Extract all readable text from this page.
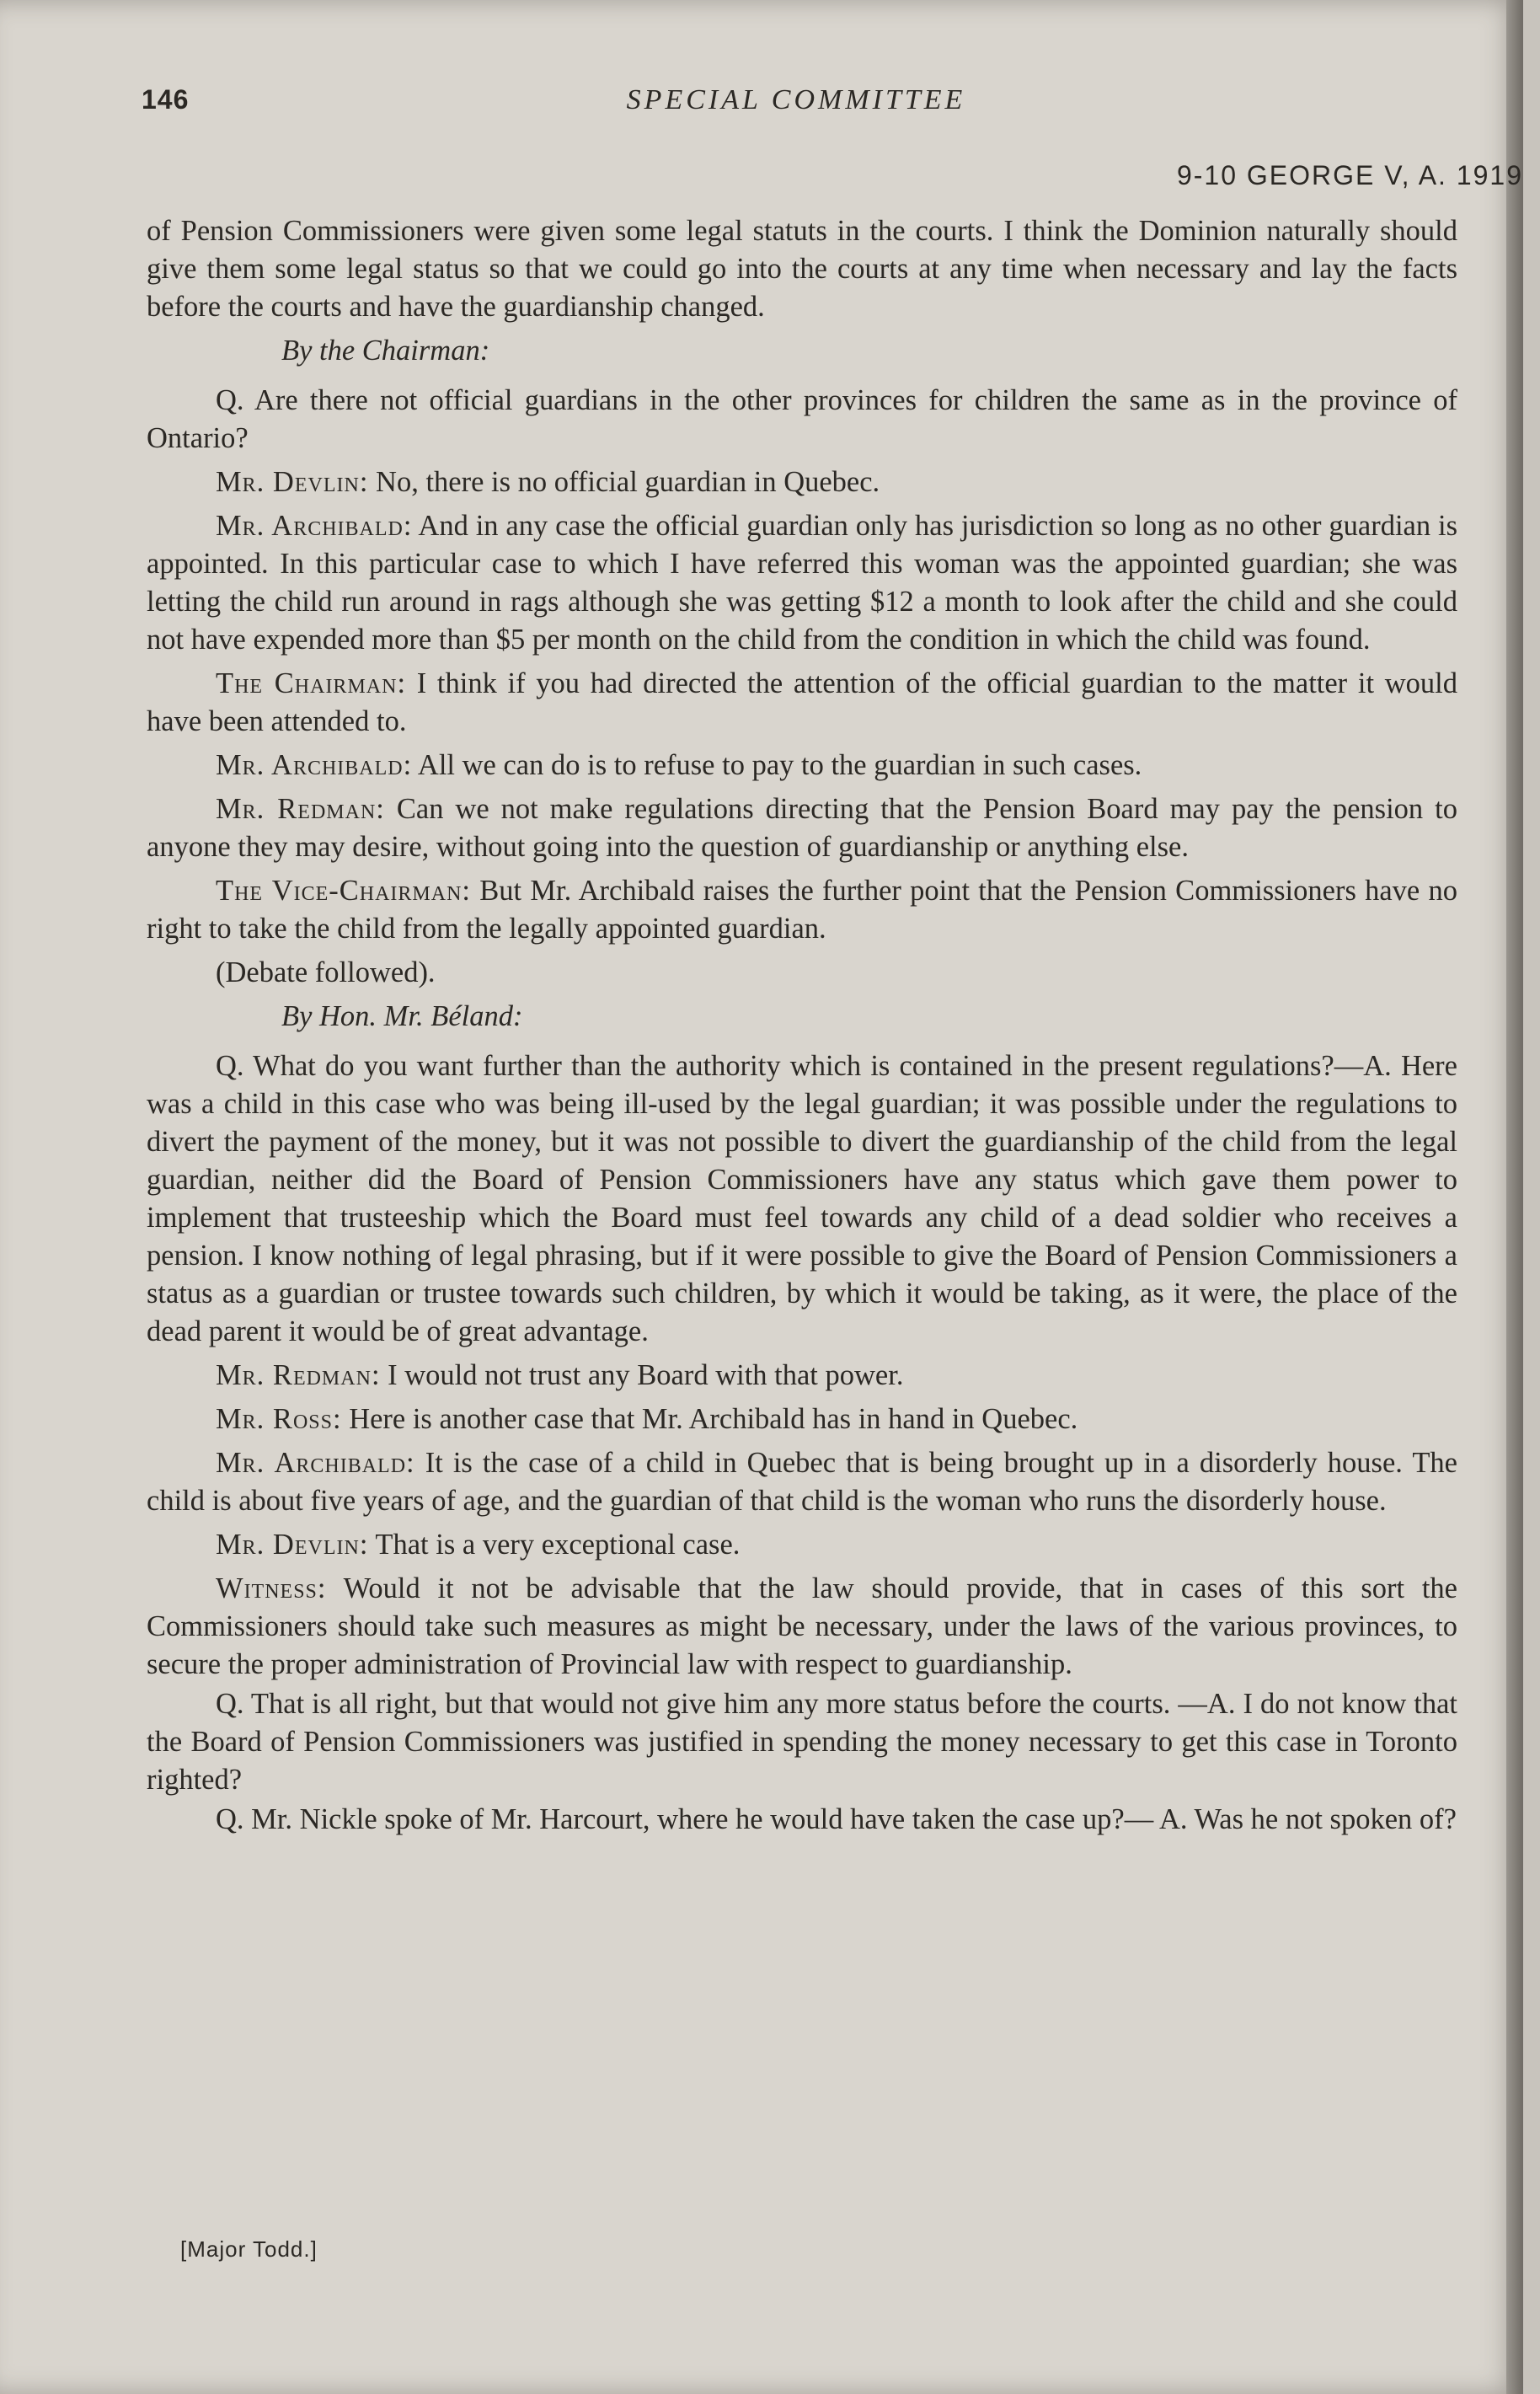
146	SPECIAL COMMITTEE
9-10 GEORGE V, A. 1919

of Pension Commissioners were given some legal statuts in the courts. I think the Dominion naturally should give them some legal status so that we could go into the courts at any time when necessary and lay the facts before the courts and have the guardianship changed.

By the Chairman:

Q. Are there not official guardians in the other provinces for children the same as in the province of Ontario?

Mr. Devlin: No, there is no official guardian in Quebec.

Mr. Archibald: And in any case the official guardian only has jurisdiction so long as no other guardian is appointed. In this particular case to which I have referred this woman was the appointed guardian; she was letting the child run around in rags although she was getting $12 a month to look after the child and she could not have expended more than $5 per month on the child from the condition in which the child was found.

The Chairman: I think if you had directed the attention of the official guardian to the matter it would have been attended to.

Mr. Archibald: All we can do is to refuse to pay to the guardian in such cases.

Mr. Redman: Can we not make regulations directing that the Pension Board may pay the pension to anyone they may desire, without going into the question of guardianship or anything else.

The Vice-Chairman: But Mr. Archibald raises the further point that the Pension Commissioners have no right to take the child from the legally appointed guardian.

(Debate followed).

By Hon. Mr. Béland:

Q. What do you want further than the authority which is contained in the present regulations?—A. Here was a child in this case who was being ill-used by the legal guardian; it was possible under the regulations to divert the payment of the money, but it was not possible to divert the guardianship of the child from the legal guardian, neither did the Board of Pension Commissioners have any status which gave them power to implement that trusteeship which the Board must feel towards any child of a dead soldier who receives a pension. I know nothing of legal phrasing, but if it were possible to give the Board of Pension Commissioners a status as a guardian or trustee towards such children, by which it would be taking, as it were, the place of the dead parent it would be of great advantage.

Mr. Redman: I would not trust any Board with that power.

Mr. Ross: Here is another case that Mr. Archibald has in hand in Quebec.

Mr. Archibald: It is the case of a child in Quebec that is being brought up in a disorderly house. The child is about five years of age, and the guardian of that child is the woman who runs the disorderly house.

Mr. Devlin: That is a very exceptional case.

Witness: Would it not be advisable that the law should provide, that in cases of this sort the Commissioners should take such measures as might be necessary, under the laws of the various provinces, to secure the proper administration of Provincial law with respect to guardianship.

Q. That is all right, but that would not give him any more status before the courts. —A. I do not know that the Board of Pension Commissioners was justified in spending the money necessary to get this case in Toronto righted?

Q. Mr. Nickle spoke of Mr. Harcourt, where he would have taken the case up?— A. Was he not spoken of?

[Major Todd.]
